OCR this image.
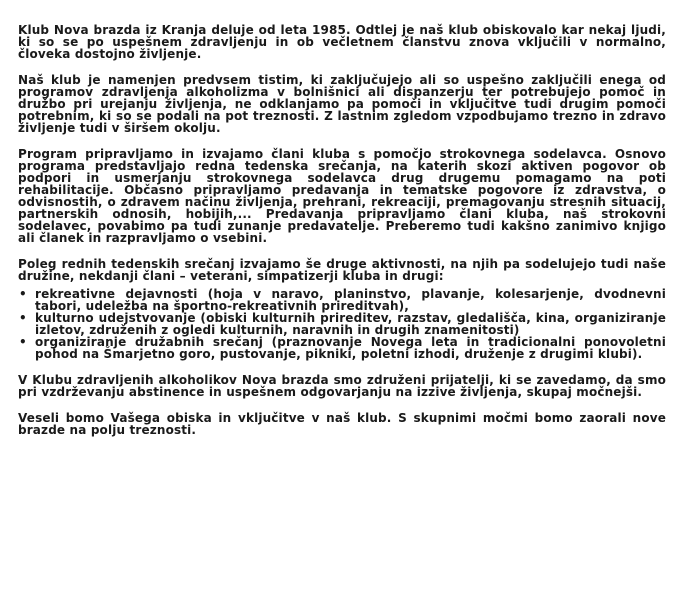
Klub Nova brazda iz Kranja deluje od leta 1985. Odtlej je naš klub obiskovalo kar nekaj ljudi, ki so se po uspešnem zdravljenju in ob večletnem članstvu znova vključili v normalno, človeka dostojno življenje.

Naš klub je namenjen predvsem tistim, ki zaključujejo ali so uspešno zaključili enega od programov zdravljenja alkoholizma v bolnišnici ali dispanzerju ter potrebujejo pomoč in družbo pri urejanju življenja, ne odklanjamo pa pomoči in vključitve tudi drugim pomoči potrebnim, ki so se podali na pot treznosti. Z lastnim zgledom vzpodbujamo trezno in zdravo življenje tudi v širšem okolju.

Program pripravljamo in izvajamo člani kluba s pomočjo strokovnega sodelavca. Osnovo programa predstavljajo redna tedenska srečanja, na katerih skozi aktiven pogovor ob podpori in usmerjanju strokovnega sodelavca drug drugemu pomagamo na poti rehabilitacije. Občasno pripravljamo predavanja in tematske pogovore iz zdravstva, o odvisnostih, o zdravem načinu življenja, prehrani, rekreaciji, premagovanju stresnih situacij, partnerskih odnosih, hobijih,... Predavanja pripravljamo člani kluba, naš strokovni sodelavec, povabimo pa tudi zunanje predavatelje. Preberemo tudi kakšno zanimivo knjigo ali članek in razpravljamo o vsebini.

Poleg rednih tedenskih srečanj izvajamo še druge aktivnosti, na njih pa sodelujejo tudi naše družine, nekdanji člani – veterani, simpatizerji kluba in drugi:

• rekreativne dejavnosti (hoja v naravo, planinstvo, plavanje, kolesarjenje, dvodnevni tabori, udeležba na športno-rekreativnih prireditvah),
• kulturno udejstvovanje (obiski kulturnih prireditev, razstav, gledališča, kina, organiziranje izletov, združenih z ogledi kulturnih, naravnih in drugih znamenitosti)
• organiziranje družabnih srečanj (praznovanje Novega leta in tradicionalni ponovoletni pohod na Šmarjetno goro, pustovanje, pikniki, poletni izhodi, druženje z drugimi klubi).

V Klubu zdravljenih alkoholikov Nova brazda smo združeni prijatelji, ki se zavedamo, da smo pri vzdrževanju abstinence in uspešnem odgovarjanju na izzive življenja, skupaj močnejši.

Veseli bomo Vašega obiska in vključitve v naš klub. S skupnimi močmi bomo zaorali nove brazde na polju treznosti.
